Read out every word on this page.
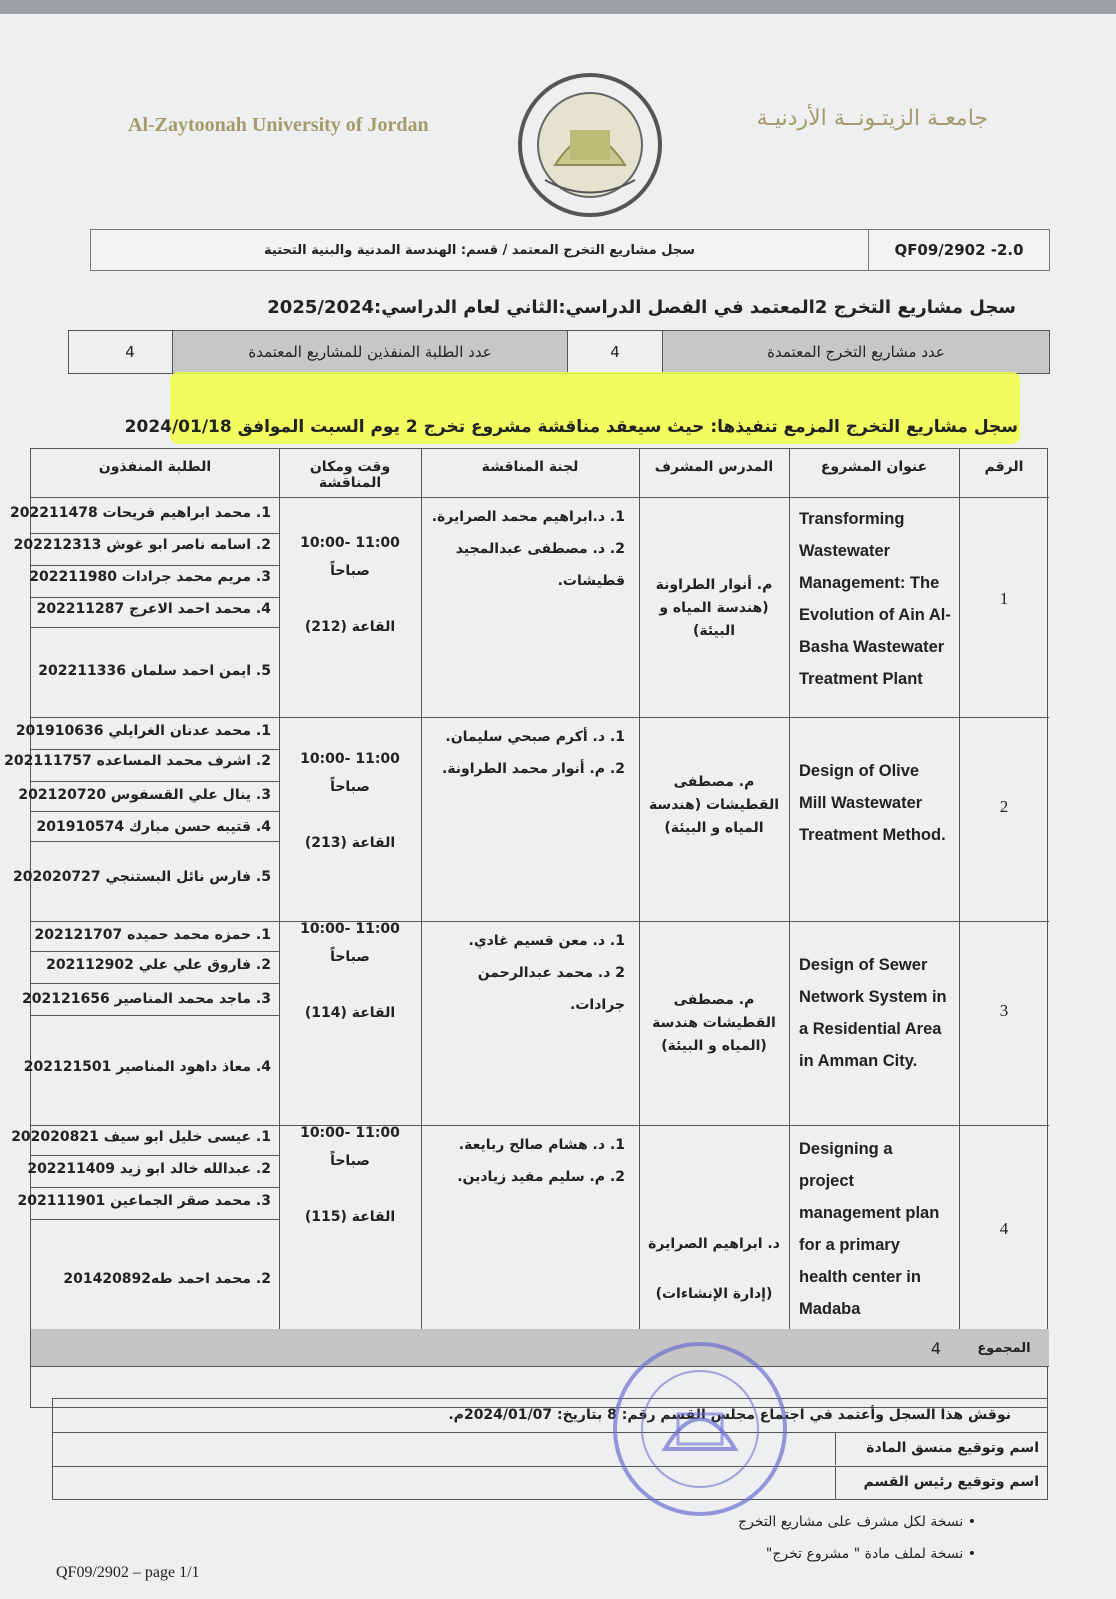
Al-Zaytoonah University of Jordan	جامعـة الزيتـونــة الأردنيـة
QF09/2902 -2.0
سجل مشاريع التخرج المعتمد / قسم: الهندسة المدنية والبنية التحتية
سجل مشاريع التخرج 2المعتمد في الفصل الدراسي:الثاني لعام الدراسي:2025/2024
عدد مشاريع التخرج المعتمدة
4
عدد الطلبة المنفذين للمشاريع المعتمدة
4
سجل مشاريع التخرج المزمع تنفيذها: حيث سيعقد مناقشة مشروع تخرج 2 يوم السبت الموافق 2024/01/18
الرقم
عنوان المشروع
المدرس المشرف
لجنة المناقشة
وقت ومكان المناقشة
الطلبة المنفذون
1
Transforming Wastewater Management: The Evolution of Ain Al-Basha Wastewater Treatment Plant
م. أنوار الطراونة (هندسة المياه و البيئة)
1. د.ابراهيم محمد الصرايرة.
2. د. مصطفى عبدالمجيد
قطيشات.
11:00 -10:00
صباحاً
القاعة (212)
1. محمد ابراهيم فريحات 202211478
2. اسامه ناصر ابو غوش 202212313
3. مريم محمد جرادات 202211980
4. محمد احمد الاعرج 202211287
5. ايمن احمد سلمان 202211336
2
Design of Olive Mill Wastewater Treatment Method.
م. مصطفى القطيشات (هندسة المياه و البيئة)
1. د. أكرم صبحي سليمان.
2. م. أنوار محمد الطراونة.
11:00 -10:00
صباحاً
القاعة (213)
1. محمد عدنان الغرايلي 201910636
2. اشرف محمد المساعده 202111757
3. ينال علي القسفوس 202120720
4. قتيبه حسن مبارك 201910574
5. فارس نائل البستنجي 202020727
3
Design of Sewer Network System in a Residential Area in Amman City.
م. مصطفى القطيشات هندسة (المياه و البيئة)
1. د. معن قسيم غادي.
2 د. محمد عبدالرحمن جرادات.
11:00 -10:00
صباحاً
القاعة (114)
1. حمزه محمد حميده 202121707
2. فاروق علي علي 202112902
3. ماجد محمد المناصير 202121656
4. معاذ داهود المناصير 202121501
4
Designing a project management plan for a primary health center in Madaba
د. ابراهيم الصرايرة (إدارة الإنشاءات)
1. د. هشام صالح ربايعة.
2. م. سليم مفيد زيادين.
11:00 -10:00
صباحاً
القاعة (115)
1. عيسى خليل ابو سيف 202020821
2. عبدالله خالد ابو زيد 202211409
3. محمد صقر الجماعين 202111901
2. محمد احمد طه201420892
المجموع
4
نوقش هذا السجل وأعتمد في اجتماع مجلس القسم رقم: 8 بتاريخ: 2024/01/07م.
اسم وتوقيع منسق المادة
اسم وتوقيع رئيس القسم
• نسخة لكل مشرف على مشاريع التخرج
• نسخة لملف مادة " مشروع تخرج"
QF09/2902 – page 1/1
